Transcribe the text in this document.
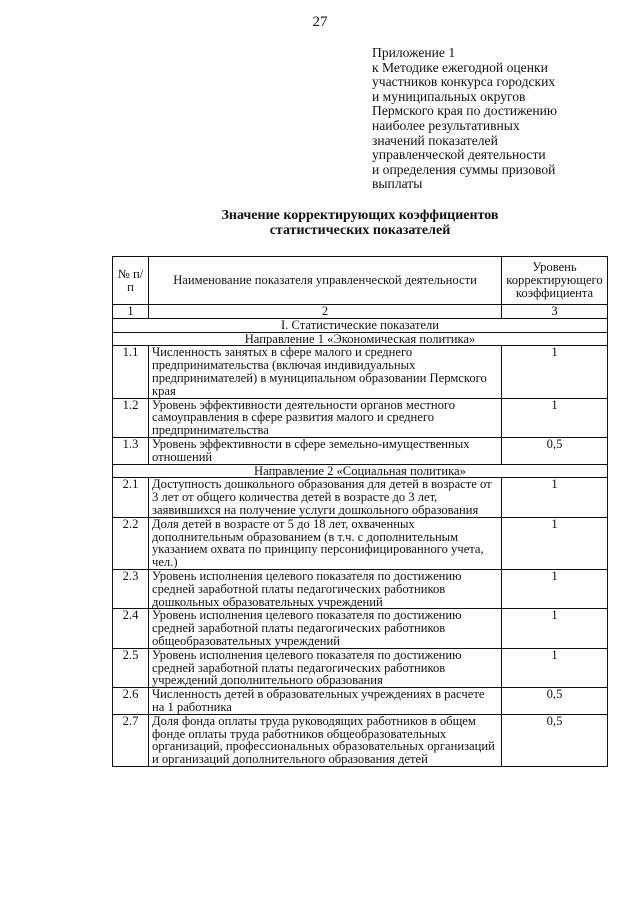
27
Приложение 1
к Методике ежегодной оценки
участников конкурса городских
и муниципальных округов
Пермского края по достижению
наиболее результативных
значений показателей
управленческой деятельности
и определения суммы призовой
выплаты
Значение корректирующих коэффициентов
статистических показателей
№ п/п	Наименование показателя управленческой деятельности	Уровень корректирующего коэффициента
1	2	3
I. Статистические показатели		
Направление 1 «Экономическая политика»		
1.1	Численность занятых в сфере малого и среднего предпринимательства (включая индивидуальных предпринимателей) в муниципальном образовании Пермского края	1
1.2	Уровень эффективности деятельности органов местного самоуправления в сфере развития малого и среднего предпринимательства	1
1.3	Уровень эффективности в сфере земельно-имущественных отношений	0,5
Направление 2 «Социальная политика»		
2.1	Доступность дошкольного образования для детей в возрасте от 3 лет от общего количества детей в возрасте до 3 лет, заявившихся на получение услуги дошкольного образования	1
2.2	Доля детей в возрасте от 5 до 18 лет, охваченных дополнительным образованием (в т.ч. с дополнительным указанием охвата по принципу персонифицированного учета, чел.)	1
2.3	Уровень исполнения целевого показателя по достижению средней заработной платы педагогических работников дошкольных образовательных учреждений	1
2.4	Уровень исполнения целевого показателя по достижению средней заработной платы педагогических работников общеобразовательных учреждений	1
2.5	Уровень исполнения целевого показателя по достижению средней заработной платы педагогических работников учреждений дополнительного образования	1
2.6	Численность детей в образовательных учреждениях в расчете на 1 работника	0,5
2.7	Доля фонда оплаты труда руководящих работников в общем фонде оплаты труда работников общеобразовательных организаций, профессиональных образовательных организаций и организаций дополнительного образования детей	0,5
